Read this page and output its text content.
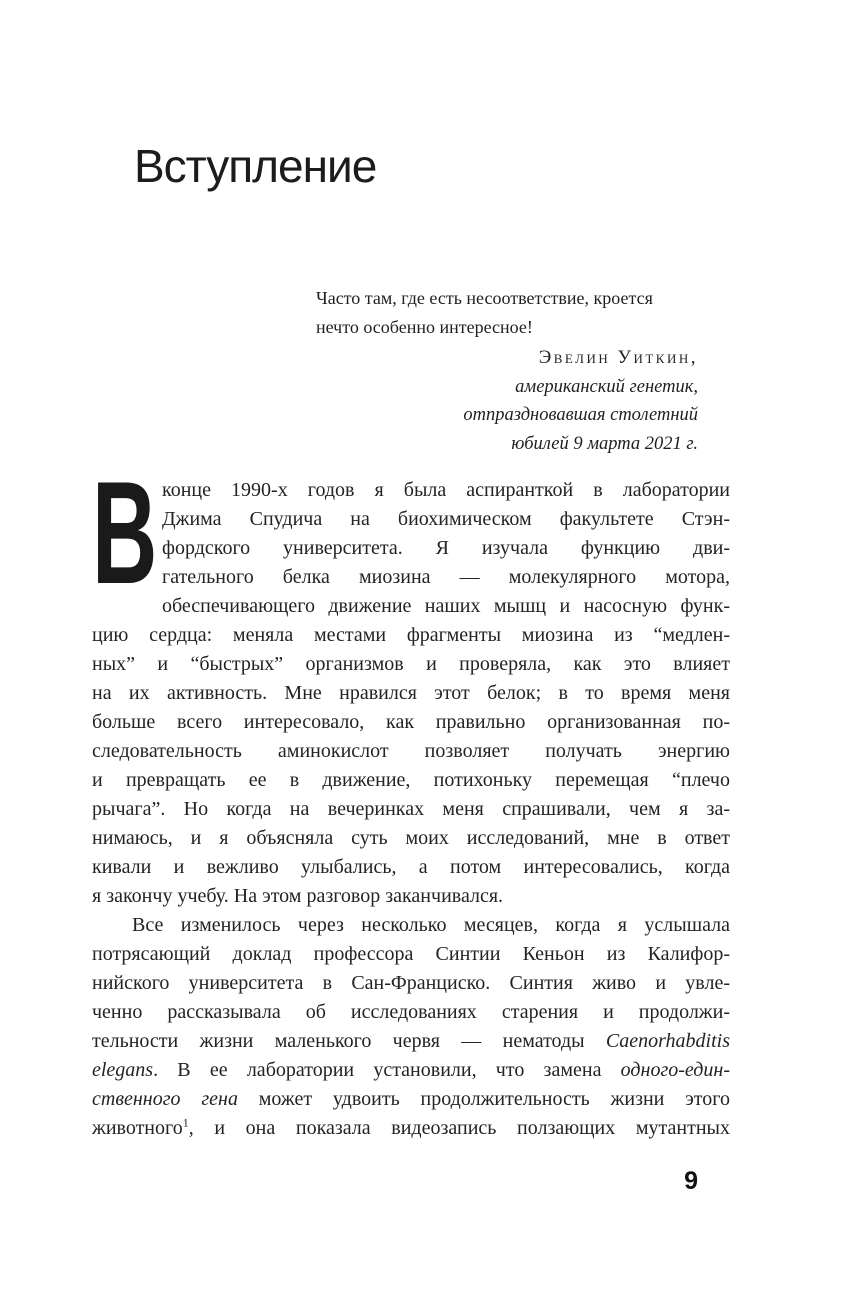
Вступление
Часто там, где есть несоответствие, кроется
нечто особенно интересное!
Эвелин Уиткин,
американский генетик,
отпраздновавшая столетний
юбилей 9 марта 2021 г.
В конце 1990-х годов я была аспиранткой в лаборатории
Джима Спудича на биохимическом факультете Стэн-
фордского университета. Я изучала функцию дви-
гательного белка миозина — молекулярного мотора,
обеспечивающего движение наших мышц и насосную функ-
цию сердца: меняла местами фрагменты миозина из “медлен-
ных” и “быстрых” организмов и проверяла, как это влияет
на их активность. Мне нравился этот белок; в то время меня
больше всего интересовало, как правильно организованная по-
следовательность аминокислот позволяет получать энергию
и превращать ее в движение, потихоньку перемещая “плечо
рычага”. Но когда на вечеринках меня спрашивали, чем я за-
нимаюсь, и я объясняла суть моих исследований, мне в ответ
кивали и вежливо улыбались, а потом интересовались, когда
я закончу учебу. На этом разговор заканчивался.
Все изменилось через несколько месяцев, когда я услышала
потрясающий доклад профессора Синтии Кеньон из Калифор-
нийского университета в Сан-Франциско. Синтия живо и увле-
ченно рассказывала об исследованиях старения и продолжи-
тельности жизни маленького червя — нематоды Caenorhabditis
elegans. В ее лаборатории установили, что замена одного-един-
ственного гена может удвоить продолжительность жизни этого
животного$^1$, и она показала видеозапись ползающих мутантных
9
